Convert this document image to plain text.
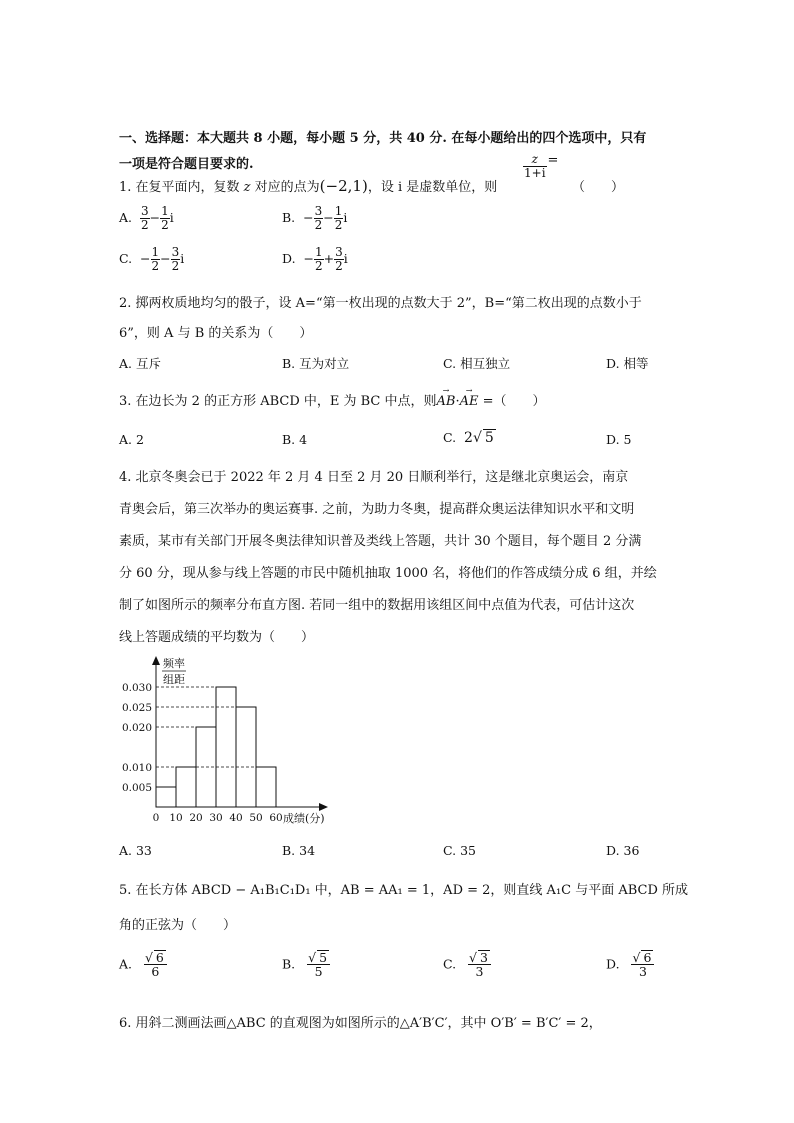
一、选择题：本大题共 8 小题，每小题 5 分，共 40 分. 在每小题给出的四个选项中，只有
一项是符合题目要求的.
1. 在复平面内，复数 z 对应的点为(−2,1)，设 i 是虚数单位，则
$\frac{z}{1+i}$ =
（　　）
A. $\frac{3}{2} - \frac{1}{2}$ i	B. − $\frac{3}{2} - \frac{1}{2}$ i
C. − $\frac{1}{2} - \frac{3}{2}$ i	D. − $\frac{1}{2} + \frac{3}{2}$ i
2. 掷两枚质地均匀的骰子，设 A=“第一枚出现的点数大于 2”，B=“第二枚出现的点数小于
6”，则 A 与 B 的关系为（　　）
A. 互斥	B. 互为对立	C. 相互独立	D. 相等
3. 在边长为 2 的正方形 ABCD 中，E 为 BC 中点，则
→
AB·
→
AE =（　　）
A. 2	B. 4	C. 2√ 5	D. 5
4. 北京冬奥会已于 2022 年 2 月 4 日至 2 月 20 日顺利举行，这是继北京奥运会，南京
青奥会后，第三次举办的奥运赛事. 之前，为助力冬奥，提高群众奥运法律知识水平和文明
素质，某市有关部门开展冬奥法律知识普及类线上答题，共计 30 个题目，每个题目 2 分满
分 60 分，现从参与线上答题的市民中随机抽取 1000 名，将他们的作答成绩分成 6 组，并绘
制了如图所示的频率分布直方图. 若同一组中的数据用该组区间中点值为代表，可估计这次
线上答题成绩的平均数为（　　）
频率
组距
成绩(分)
0.005
0.010
0.020
0.025
0.030
0 10 20 30 40 50 60
A. 33	B. 34	C. 35	D. 36
5. 在长方体 ABCD − A₁B₁C₁D₁ 中，AB = AA₁ = 1，AD = 2，则直线 A₁C 与平面 ABCD 所成
角的正弦为（　　）
A. $\frac{√ 6}{6}$	B. $\frac{√ 5}{5}$	C. $\frac{√ 3}{3}$	D. $\frac{√ 6}{3}$
6. 用斜二测画法画△ABC 的直观图为如图所示的△A′B′C′，其中 O′B′ = B′C′ = 2，
